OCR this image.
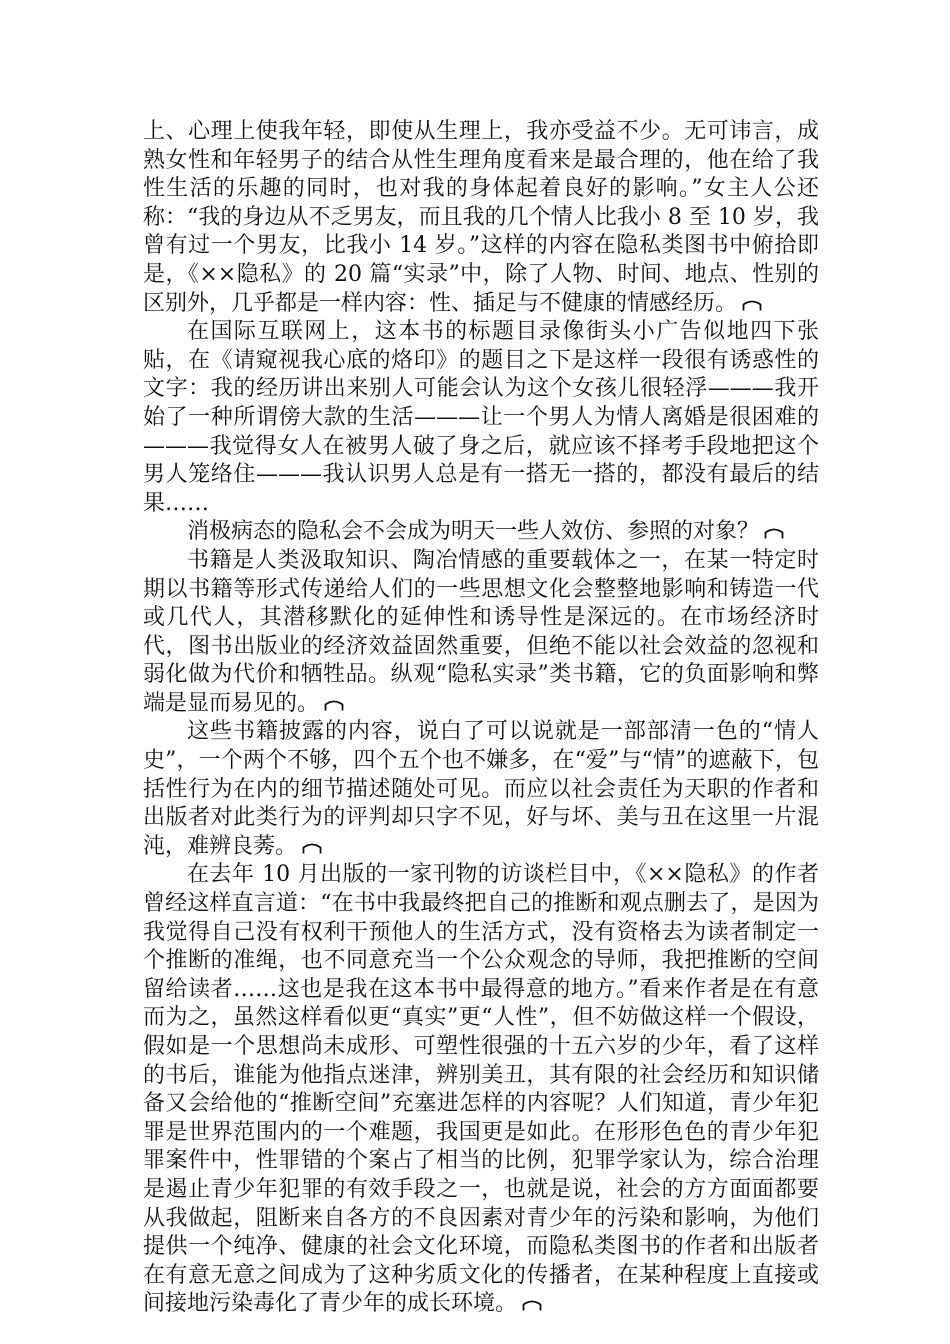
上、心理上使我年轻，即使从生理上，我亦受益不少。无可讳言，成熟女性和年轻男子的结合从性生理角度看来是最合理的，他在给了我性生活的乐趣的同时，也对我的身体起着良好的影响。”女主人公还称：“我的身边从不乏男友，而且我的几个情人比我小 8 至 10 岁，我曾有过一个男友，比我小 14 岁。”这样的内容在隐私类图书中俯拾即是，《××隐私》的 20 篇“实录”中，除了人物、时间、地点、性别的区别外，几乎都是一样内容：性、插足与不健康的情感经历。

在国际互联网上，这本书的标题目录像街头小广告似地四下张贴，在《请窥视我心底的烙印》的题目之下是这样一段很有诱惑性的文字：我的经历讲出来别人可能会认为这个女孩儿很轻浮———我开始了一种所谓傍大款的生活———让一个男人为情人离婚是很困难的———我觉得女人在被男人破了身之后，就应该不择考手段地把这个男人笼络住———我认识男人总是有一搭无一搭的，都没有最后的结果……

消极病态的隐私会不会成为明天一些人效仿、参照的对象？

书籍是人类汲取知识、陶冶情感的重要载体之一，在某一特定时期以书籍等形式传递给人们的一些思想文化会整整地影响和铸造一代或几代人，其潜移默化的延伸性和诱导性是深远的。在市场经济时代，图书出版业的经济效益固然重要，但绝不能以社会效益的忽视和弱化做为代价和牺牲品。纵观“隐私实录”类书籍，它的负面影响和弊端是显而易见的。

这些书籍披露的内容，说白了可以说就是一部部清一色的“情人史”，一个两个不够，四个五个也不嫌多，在“爱”与“情”的遮蔽下，包括性行为在内的细节描述随处可见。而应以社会责任为天职的作者和出版者对此类行为的评判却只字不见，好与坏、美与丑在这里一片混沌，难辨良莠。

在去年 10 月出版的一家刊物的访谈栏目中，《××隐私》的作者曾经这样直言道：“在书中我最终把自己的推断和观点删去了，是因为我觉得自己没有权利干预他人的生活方式，没有资格去为读者制定一个推断的准绳，也不同意充当一个公众观念的导师，我把推断的空间留给读者……这也是我在这本书中最得意的地方。”看来作者是在有意而为之，虽然这样看似更“真实”更“人性”，但不妨做这样一个假设，假如是一个思想尚未成形、可塑性很强的十五六岁的少年，看了这样的书后，谁能为他指点迷津，辨别美丑，其有限的社会经历和知识储备又会给他的“推断空间”充塞进怎样的内容呢？人们知道，青少年犯罪是世界范围内的一个难题，我国更是如此。在形形色色的青少年犯罪案件中，性罪错的个案占了相当的比例，犯罪学家认为，综合治理是遏止青少年犯罪的有效手段之一，也就是说，社会的方方面面都要从我做起，阻断来自各方的不良因素对青少年的污染和影响，为他们提供一个纯净、健康的社会文化环境，而隐私类图书的作者和出版者在有意无意之间成为了这种劣质文化的传播者，在某种程度上直接或间接地污染毒化了青少年的成长环境。
